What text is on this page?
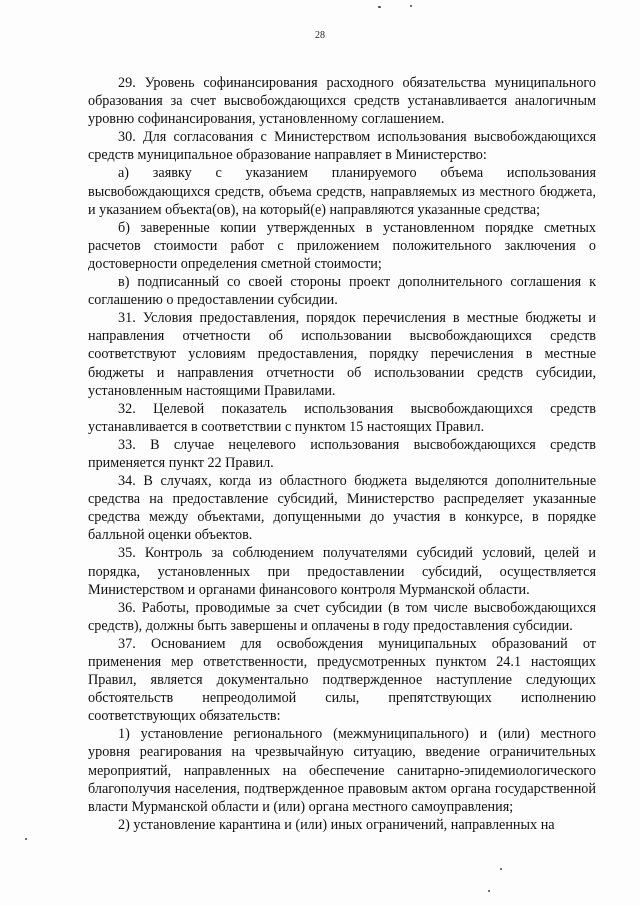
28

29. Уровень софинансирования расходного обязательства муниципального образования за счет высвобождающихся средств устанавливается аналогичным уровню софинансирования, установленному соглашением.

30. Для согласования с Министерством использования высвобождающихся средств муниципальное образование направляет в Министерство:

а) заявку с указанием планируемого объема использования высвобождающихся средств, объема средств, направляемых из местного бюджета, и указанием объекта(ов), на который(е) направляются указанные средства;

б) заверенные копии утвержденных в установленном порядке сметных расчетов стоимости работ с приложением положительного заключения о достоверности определения сметной стоимости;

в) подписанный со своей стороны проект дополнительного соглашения к соглашению о предоставлении субсидии.

31. Условия предоставления, порядок перечисления в местные бюджеты и направления отчетности об использовании высвобождающихся средств соответствуют условиям предоставления, порядку перечисления в местные бюджеты и направления отчетности об использовании средств субсидии, установленным настоящими Правилами.

32. Целевой показатель использования высвобождающихся средств устанавливается в соответствии с пунктом 15 настоящих Правил.

33. В случае нецелевого использования высвобождающихся средств применяется пункт 22 Правил.

34. В случаях, когда из областного бюджета выделяются дополнительные средства на предоставление субсидий, Министерство распределяет указанные средства между объектами, допущенными до участия в конкурсе, в порядке балльной оценки объектов.

35. Контроль за соблюдением получателями субсидий условий, целей и порядка, установленных при предоставлении субсидий, осуществляется Министерством и органами финансового контроля Мурманской области.

36. Работы, проводимые за счет субсидии (в том числе высвобождающихся средств), должны быть завершены и оплачены в году предоставления субсидии.

37. Основанием для освобождения муниципальных образований от применения мер ответственности, предусмотренных пунктом 24.1 настоящих Правил, является документально подтвержденное наступление следующих обстоятельств непреодолимой силы, препятствующих исполнению соответствующих обязательств:

1) установление регионального (межмуниципального) и (или) местного уровня реагирования на чрезвычайную ситуацию, введение ограничительных мероприятий, направленных на обеспечение санитарно-эпидемиологического благополучия населения, подтвержденное правовым актом органа государственной власти Мурманской области и (или) органа местного самоуправления;

2) установление карантина и (или) иных ограничений, направленных на
